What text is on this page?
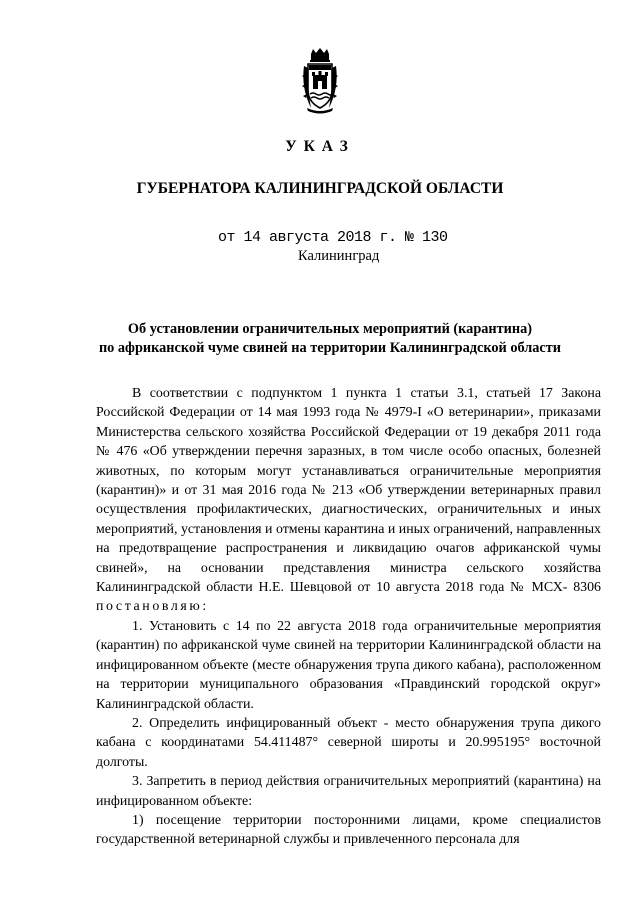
УКАЗ
ГУБЕРНАТОРА КАЛИНИНГРАДСКОЙ ОБЛАСТИ
от 14 августа 2018 г. № 130
Калининград
Об установлении ограничительных мероприятий (карантина)
по африканской чуме свиней на территории Калининградской области

В соответствии с подпунктом 1 пункта 1 статьи 3.1, статьей 17 Закона Российской Федерации от 14 мая 1993 года № 4979-I «О ветеринарии», приказами Министерства сельского хозяйства Российской Федерации от 19 декабря 2011 года № 476 «Об утверждении перечня заразных, в том числе особо опасных, болезней животных, по которым могут устанавливаться ограничительные мероприятия (карантин)» и от 31 мая 2016 года № 213 «Об утверждении ветеринарных правил осуществления профилактических, диагностических, ограничительных и иных мероприятий, установления и отмены карантина и иных ограничений, направленных на предотвращение распространения и ликвидацию очагов африканской чумы свиней», на основании представления министра сельского хозяйства Калининградской области Н.Е. Шевцовой от 10 августа 2018 года № МСХ- 8306 постановляю:

1. Установить с 14 по 22 августа 2018 года ограничительные мероприятия (карантин) по африканской чуме свиней на территории Калининградской области на инфицированном объекте (месте обнаружения трупа дикого кабана), расположенном на территории муниципального образования «Правдинский городской округ» Калининградской области.

2. Определить инфицированный объект - место обнаружения трупа дикого кабана с координатами 54.411487° северной широты и 20.995195° восточной долготы.

3. Запретить в период действия ограничительных мероприятий (карантина) на инфицированном объекте:

1) посещение территории посторонними лицами, кроме специалистов государственной ветеринарной службы и привлеченного персонала для
